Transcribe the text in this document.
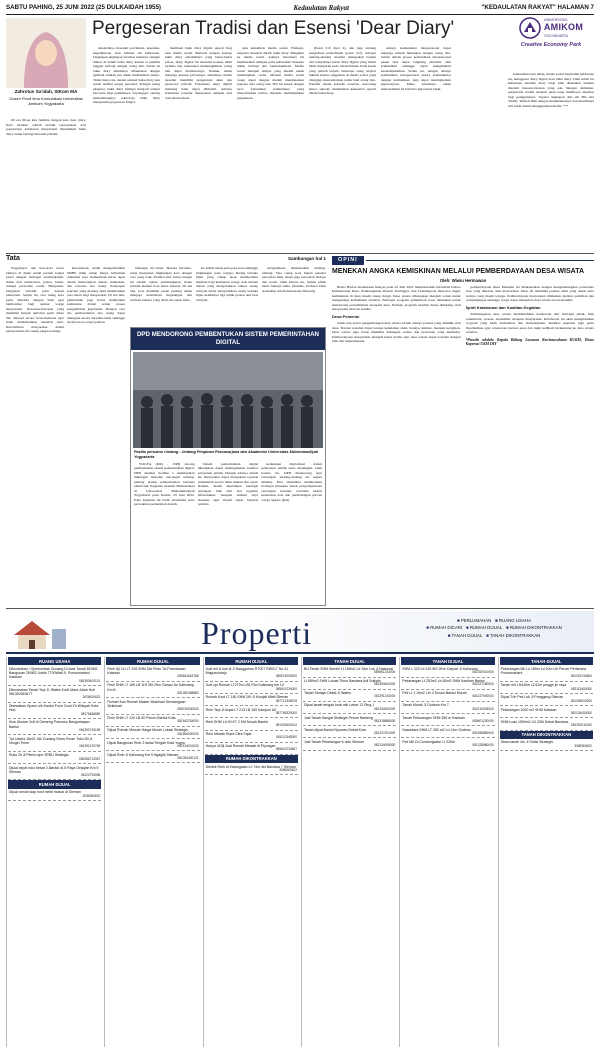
SABTU PAHING, 25 JUNI 2022 (25 DULKAIDAH 1955)	Kedaulatan Rakyat	"KEDAULATAN RAKYAT" HALAMAN 7
Zahrotus Sa'idah, SIKom MA
Dosen Prodi Ilmu Komunikasi Universitas Amikom Yogyakarta
Pergeseran Tradisi dan Esensi 'Dear Diary'
	UNIVERSITAS
AMIKOM
YOGYAKARTA
Creative Economy Park

DI era 90-an kita familiar dengan kata dear diary. Kata tersebut adalah bentuk representasi dari popularnya kebiasaan masyarakat menuliskan buku diary untuk berbagi masalah pribadi,

masalahnya masalah percintaan, kesenian, kegembiraan atau bahkan sih kebiasaan. Ungkapan-ungkapan tersebut tentunya sengaja dibuat di dalam buku diary karena si pemilik enggan berbagi dengan orang lain. Sebab isi buku diary umumnya difokuskan dengan gembok bahkan pin untuk memastikan isinya. Tidak hanya itu, desain sampul buku diary pun selalu terlihat sangat personal. Sebagai ruang ekspresi, buku diary mampu menjadi tempat bercerita bagi pemiliknya. Sayangnya, seiring berkembangnya teknologi buku diary mengalami pergeseran fungsi.

membuat buku diary digital seperti blog atau media sosial. Berbeda dengan konsep buku diary sebelumnya yang benar-benar privat, diary digital ini menarik konsep lebih terbuka dan terkoneksi memungkinkan orang lain dapat membacanya. Namun, untuk menjaga konsep privasinya, umumnya media tersebut memiliki pengaturan akun dan password pribadi. Fenomena diary digital memang tidak dapat dihindari. Adanya fenomena tersebut merupakan dampak dari arus modernisasi.

atau kehadiran media sosial. Efeknya, berpesta masalah dalam buku diary dibagikan ke media sosial. Adanya fenomena ini memberikan dampak pada kebutuhan manusia untuk berbagi dan berkomunikasi. Media sosial menjadi tempat yang mudah untuk membagikan cerita. Melalui media sosial orang dapat dengan mudah mendapatkan respons dari orang lain. Hal ini sesuai dengan teori kebutuhan komunikasi yang menyebutkan bahwa manusia membutuhkan pengakuan.

(Pesal 310 Ayat 2), dan juga tentang pengaduan palsu/fitnah (pasal 317). Adanya undang-undang tersebut merupakan bagian dari banyaknya kasus diary digital yang mulai lebih mengarah pada ranah hukum. Pada kasus yang pernah terjadi, beberapa orang terjerat hukum karena unggahan di media sosial yang dianggap mencemarkan nama baik orang lain. Padahal dalam konteks tersebut, seseorang hanya sekadar menuliskan kekesalan seperti dalam buku diary.

adanya komunikasi interpersonal dapat menjaga sebuah hubungan dengan orang lain. Selain dalam proses komunikasi interpersonal pesan bisa dapat langsung diterima oleh komunikan sehingga dapat menghindari kesalahpahaman. Selain itu, dengan adanya komunikasi interpersonal antara komunikator dengan komunikan, juga dapat meningkatkan kepercayaan. Maka sebaiknya untuk mencurahkan isi hati kita juga harus bijak.

komunikasi pun mirip, media sosial berpindah kebiasaan ini, menggeser diary digital atau buku diary. Oleh sebab itu kebiasaan menulis diary tetap baik dilakukan asalkan disadari batasan-batasan yang ada. Dengan demikian, pergeseran tradisi tersebut akan tetap membawa manfaat bagi penggunanya. Seperti ungkapan dari Ali Bin Abi Thalib, 'Ikatlah ilmu dengan menuliskannya' dan hendaknya kita bijak dalam menggunakan media. ***

Tata	Sambungan hal 1

Yogyakarta dan kota-kota besar lainnya di dunia sudah pernah sangat padat dengan berbagai permasalahan, mulai dari kemacetan, polusi, banjir, sampai persoalan sosial. Bangunan-bangunan terlebih pada daerah perkotaan. Selain itu, tata ruang kota perlu dikelola dengan baik agar bermanfaat bagi semua warga masyarakat. Kawasan-kawasan yang memiliki banyak aktivitas perlu ditata dan diawasi secara terus-menerus agar tidak menimbulkan masalah baru. Keterlibatan masyarakat dalam perencanaan tata ruang sangat penting.

Kerentanan, untuk mengendalikan SIMB, tidak cukup hanya berbentuk dokumen saja. Pemerintah harus tegas dalam menerapkan aturan, kebijakan, dan rencana tata ruang. Penerapan rencana yang matang akan memberikan rasa aman bagi masyarakat. Di sisi lain, pemerintah juga harus melibatkan komunitas dalam setiap proses pengambilan keputusan. Dengan cara ini, permasalahan tata ruang dapat ditangani secara bersama-sama sehingga tercipta kota yang nyaman.

lubangan ini benar. Mereka bersama-sama menyusun lingkungan kota dengan cara yang baik. Padahal jika bahwa fungsi ini adalah tujuan pembangunan, maka seluruh elemen kota harus bekerja. Di sisi lain, kota memiliki peran penting untuk menjaga kelestarian lingkungan dan warisan budaya yang telah ada sejak lama.

ke dalam tanah paru-paru kota sehingga lingkungan tetap terjaga. Ruang terbuka hijau yang cukup akan memberikan manfaat bagi kesehatan warga. Ada sebuah aturan yang menyebutkan bahwa setiap wilayah harus menyediakan ruang terbuka hijau sedikitnya tiga puluh persen dari luas wilayah.

sebagaimana diamanatkan undang-undang. Tata ruang kota bukan sekadar persoalan fisik, tetapi juga persoalan budaya dan sosial. Oleh karena itu, semua pihak harus bekerja sama. (Penulis, Profesor Ilmu Arsitektur dan Perencanaan Wilayah)

DPD MENDORONG PEMBENTUKAN SISTEM PEMERINTAHAN DIGITAL
Pasilis peruamu Undang - Undang Pimpinan Pascasarjana dan Akademisi Universitas Muhammadiyah Yogyakarta

YOGYA (KR) - DPD dorong pembentukan sistem pemerintahan digital. DPD melalui Komite I memberikan dukungan terhadap rancangan undang-undang sistem pemerintahan berbasis elektronik. Kegiatan tersebut dilaksanakan di Universitas Muhammadiyah Yogyakarta pada Kamis, 23 Juni 2022. Pada kegiatan ini hadir akademisi serta perwakilan pemerintah daerah.

Sistem pemerintahan digital diharapkan dapat meningkatkan kualitas pelayanan publik. Dengan adanya sistem ini, masyarakat dapat mengakses layanan pemerintah secara lebih mudah dan cepat. Namun, masih diperlukan berbagai persiapan baik dari sisi regulasi, infrastruktur, maupun sumber daya manusia agar sistem dapat berjalan optimal.

kebutuhan digitalisasi dalam pelayanan publik terus meningkat. Oleh karena itu, DPD mendorong agar rancangan undang-undang ini segera dibahas. Para akademisi memberikan berbagai masukan untuk penyempurnaan rancangan tersebut, terutama terkait keamanan data dan perlindungan privasi warga negara. (Ria)

OPINI
MENEKAN ANGKA KEMISKINAN MELALUI PEMBERDAYAAN DESA WISATA
Oleh: Wiwiu Hermawan

Berita Harian Kedaulatan Rakyat pada 22 Juni 2022 memberitakan informasi bahwa Kementerian Desa, Pembangunan Daerah Tertinggal, dan Transmigrasi mencatat angka kemiskinan di desa masih cukup tinggi. Desa wisata diharapkan menjadi solusi untuk mengurangi kemiskinan tersebut. Berbagai program pemerintah terus dilakukan untuk mendorong pertumbuhan ekonomi desa. Namun, program tersebut harus didukung oleh masyarakat desa itu sendiri.

Desa Pemenui

Salah satu syarat pengembangan desa wisata adalah adanya potensi yang dimiliki oleh desa. Potensi tersebut dapat berupa keindahan alam, budaya, kuliner, maupun kerajinan. Desa wisata juga harus memiliki dukungan sarana dan prasarana yang memadai. Pemberdayaan masyarakat menjadi kunci utama agar desa wisata dapat berjalan dengan baik dan berkelanjutan.

pemberdayaan Desa Pemenui ini dilaksanakan dengan mengembangkan pariwisata desa yang dikelola oleh masyarakat. Desa ini memiliki potensi alam yang indah serta budaya yang masih terjaga. Pemberdayaan masyarakat dilakukan melalui pelatihan dan pendampingan sehingga warga dapat mengelola desa wisata secara mandiri.

Spirit Kolaborasi dan Kualitas Kegiatan

Pembangunan desa wisata membutuhkan kolaborasi dari berbagai pihak, baik pemerintah, swasta, akademisi, maupun masyarakat. Kolaborasi ini akan menghasilkan program yang lebih berkualitas dan berkelanjutan. Kualitas kegiatan juga perlu diperhatikan agar wisatawan merasa puas dan ingin kembali berkunjung ke desa wisata tersebut.

*Penulis adalah: Kepala Bidang Layanan Kewirausahaan KUKM, Dinas Koperasi UKM DIY
Properti	■ PERLUMAHAN ■ RUANG USAHA
■ RUMAH DICARI ■ RUMAH DIJUAL ■ RUMAH DIKONTRAKKAN
■ TANAH DIJUAL ■ TANAH DIKONTRAKKAN
RUANG USAHA
Dikontrakan / Operkontrak Gudang Di Atas Tanah 810M2 Bangunan 250M2 Listrik 7700Watt Jl. Purwomartani Kalasan
081393400101
Dikontrakan Tanah Tepi Jl. Wates Km8 Utara Jalan Hub 081392963477
3/03802/622
Disewakan Space u/k Kantor Food Court Di Wilayah Kota Hub
08175488880
Kios Ukuran 3x6 di Gemeng Potoroso Banguntapan Bantul
081393749159
Tpt Usaha 15x21 Utk Gudang Show Room Toko Dll Jl. Imogiri Timur
081391219769
Ruko 2lt Jl.Plered dpn SPBU Strategis
082286712067
Dijual cepat ruko besar 2,5lantai di Jl Raya Gejayan Km 5 Sleman
08122793055
RUMAH DIJUAL
Dijual rumah siap huni mebil masuk di Sleman
3/0808/0622
RUMAH DIJUAL
Rmh Ujl 2Lt LT 228 SHM Dkt Pintu Tol Prambanan Kalasan
085641518786
Rmh SHM LT 165 LB 115 3Kt 2Km Garasi Jln Kaliurang Km 8
081282458883
Rumah Kos Rumah Makan Wukirsari Sendangsari Wukirsari
085740000000
Rmh SHM LT 120 LB 60 Perum Bantul Kota
081642234000
Dijual Rumah Mewah Harga Murah Lokasi Strategis
081660000000
Dijual Bangunan Rmh 2 lantai Tengah Kota Yogya
082134001000
Dijual Rmh Jl Kaliurang Km 9 Ngaglik Sleman
081393400121
RUMAH DIJUAL
Jual mh & kos di Jl Nangguhan RT007 RW017 No 41 Maguwoharjo
085974000000
Jual cpt Rumah LT272m LB170m Kaliurang km 14
085601234000
Rumah Kost LT 180 SHM 2Kt Jl Monjali Mlati Sleman
087712345678
Rmh Tepi Jl Aspal LT 213 LB 150 Kampus UII
087756320000
Rmh SHM Ld 90 KT 2 KM Murah Bantul
081393400102
Rmh Mewah Bumi Citra Fajar
081122345000
Hanya 410jt Jual Rumah Mewah di Piyungan
085601234567
RUMAH DIKONTRAKKAN
Dikntrk Rmh di Karangwaru Lt 74m dkt Bandara 7 Sleman
3/0808/0622
TANAH DIJUAL
BU Tanah SHM Sendiri Lt 169m2 Ld 15m Lok Jl Nasional
085961234000
Lt 589m2 SHM Lokasi Timur Bandara Adi Sutjipto
081393400000
Tanah Sedayu Dekat Jl Wates
081391234000
Dijual tanah tengah kota mlh Lebar 12 Ring 1
082134000000
Jual Tanah Sangat Strategis Perum Banteng
081328888000
Tanah dijual Bantul Nyaman Dekat Kota
081227001000
Jual Tanah Pekarangan 6 ubin Sleman
082134009000
TANAH DIJUAL
SHM L 220 Lb 120 5Kt 2Km Carport Jl Kaliurang
081392010000
Pekarangan Lt 252m2 Lb 82m2 SHM Kasihan Bantul
082227180000
Pek Lt 1 19m2 Lbr 3 Dusun Bantul Murah
081227000000
Tanah Murah Jl Godean Km 7
082134005000
Tanah Pekarangan SHM 350 m Kalasan
085601230000
Nusantara SHM LT 350 m2 Ld 14m Godean
081558880000
Pek Mh Di Condongcatur Lt 225m
081328880000
TANAH DIJUAL
Pekarangan Mh Ls 165m Ld 10m Utr Perum Pertamina Purwomartani
081391234500
Tanah mh LS440m LD12m pinggir jln raya
082113400000
Dijual Tnh Pek Lok Jl Panggang Sleman
081328000000
Pekarangan 1000 m2 SHM Kalasan
082134000000
SHM Luas 1590m2 LD 20M Dekat Bandara
081392011000
TANAH DIKONTRAKKAN
Sewa tanah 4m Jl Glalsi Strategis
3/0808/0622
